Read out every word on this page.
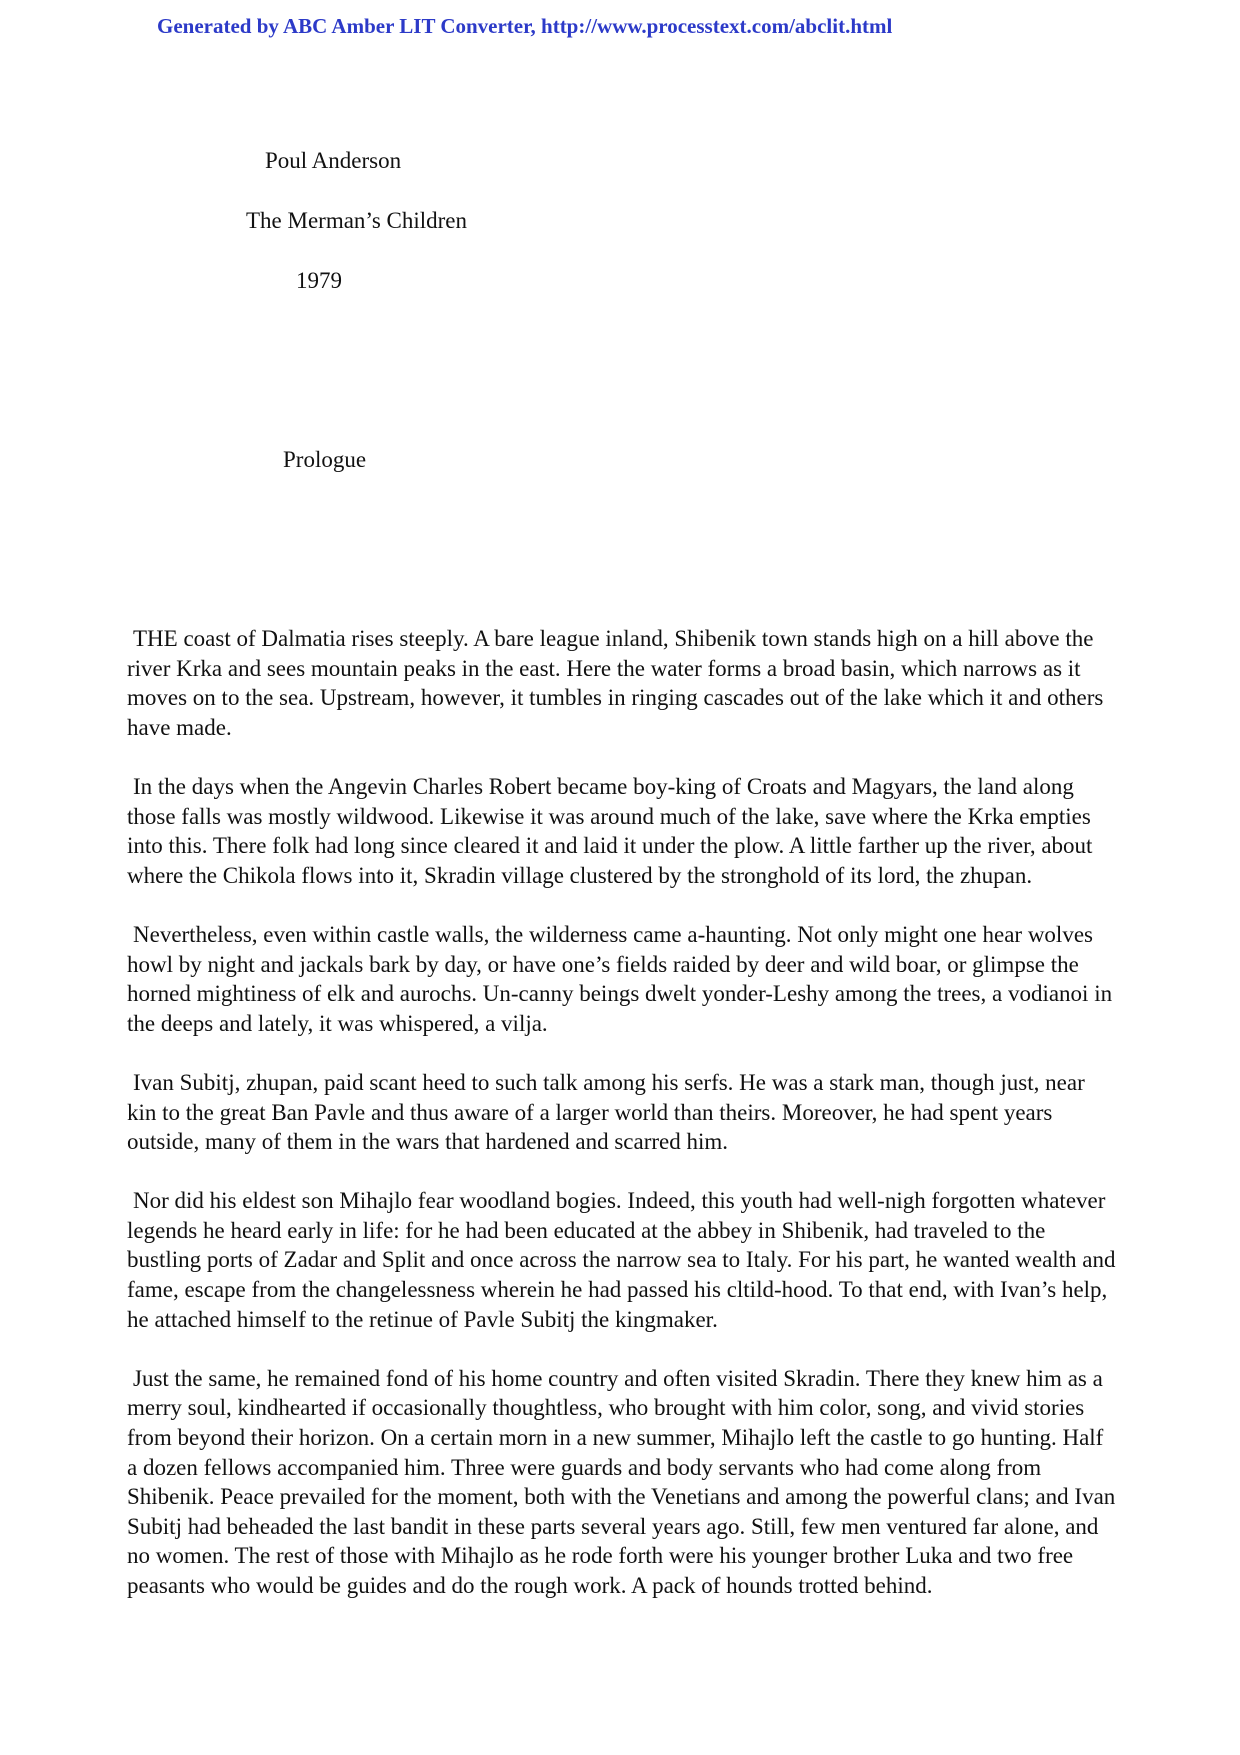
Generated by ABC Amber LIT Converter, http://www.processtext.com/abclit.html
Poul Anderson
The Merman’s Children
1979
Prologue

THE coast of Dalmatia rises steeply. A bare league inland, Shibenik town stands high on a hill above the river Krka and sees mountain peaks in the east. Here the water forms a broad basin, which narrows as it moves on to the sea. Upstream, however, it tumbles in ringing cascades out of the lake which it and others have made.

In the days when the Angevin Charles Robert became boy-king of Croats and Magyars, the land along those falls was mostly wildwood. Likewise it was around much of the lake, save where the Krka empties into this. There folk had long since cleared it and laid it under the plow. A little farther up the river, about where the Chikola flows into it, Skradin village clustered by the stronghold of its lord, the zhupan.

Nevertheless, even within castle walls, the wilderness came a-haunting. Not only might one hear wolves howl by night and jackals bark by day, or have one’s fields raided by deer and wild boar, or glimpse the horned mightiness of elk and aurochs. Un-canny beings dwelt yonder-Leshy among the trees, a vodianoi in the deeps and lately, it was whispered, a vilja.

Ivan Subitj, zhupan, paid scant heed to such talk among his serfs. He was a stark man, though just, near kin to the great Ban Pavle and thus aware of a larger world than theirs. Moreover, he had spent years outside, many of them in the wars that hardened and scarred him.

Nor did his eldest son Mihajlo fear woodland bogies. Indeed, this youth had well-nigh forgotten whatever legends he heard early in life: for he had been educated at the abbey in Shibenik, had traveled to the bustling ports of Zadar and Split and once across the narrow sea to Italy. For his part, he wanted wealth and fame, escape from the changelessness wherein he had passed his cltild-hood. To that end, with Ivan’s help, he attached himself to the retinue of Pavle Subitj the kingmaker.

Just the same, he remained fond of his home country and often visited Skradin. There they knew him as a merry soul, kindhearted if occasionally thoughtless, who brought with him color, song, and vivid stories from beyond their horizon. On a certain morn in a new summer, Mihajlo left the castle to go hunting. Half a dozen fellows accompanied him. Three were guards and body servants who had come along from Shibenik. Peace prevailed for the moment, both with the Venetians and among the powerful clans; and Ivan Subitj had beheaded the last bandit in these parts several years ago. Still, few men ventured far alone, and no women. The rest of those with Mihajlo as he rode forth were his younger brother Luka and two free peasants who would be guides and do the rough work. A pack of hounds trotted behind.
